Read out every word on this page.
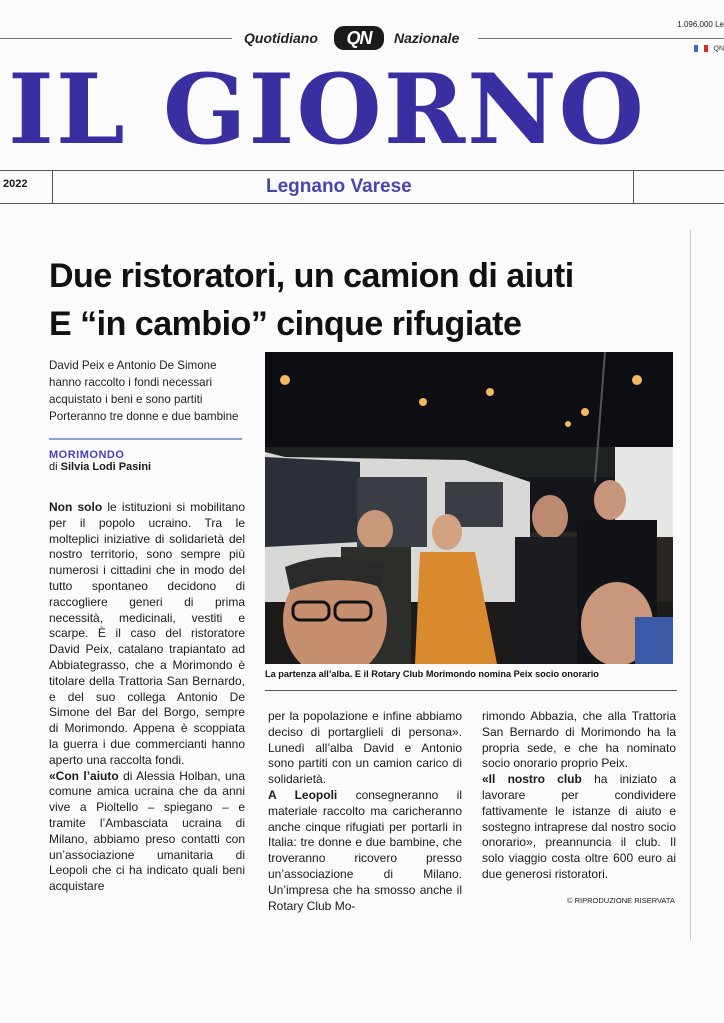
Quotidiano	QN	Nazionale
1.096.000 Le
QN
IL GIORNO
2022	Legnano Varese
Due ristoratori, un camion di aiuti
E “in cambio” cinque rifugiate
David Peix e Antonio De Simone
hanno raccolto i fondi necessari
acquistato i beni e sono partiti
Porteranno tre donne e due bambine
MORIMONDO
di Silvia Lodi Pasini
La partenza all’alba. E il Rotary Club Morimondo nomina Peix socio onorario

Non solo le istituzioni si mobilitano per il popolo ucraino. Tra le molteplici iniziative di solidarietà del nostro territorio, sono sempre più numerosi i cittadini che in modo del tutto spontaneo decidono di raccogliere generi di prima necessità, medicinali, vestiti e scarpe. È il caso del ristoratore David Peix, catalano trapiantato ad Abbiategrasso, che a Morimondo è titolare della Trattoria San Bernardo, e del suo collega Antonio De Simone del Bar del Borgo, sempre di Morimondo. Appena è scoppiata la guerra i due commercianti hanno aperto una raccolta fondi.

«Con l’aiuto di Alessia Holban, una comune amica ucraina che da anni vive a Pioltello – spiegano – e tramite l’Ambasciata ucraina di Milano, abbiamo preso contatti con un’associazione umanitaria di Leopoli che ci ha indicato quali beni acquistare

per la popolazione e infine abbiamo deciso di portarglieli di persona». Lunedì all’alba David e Antonio sono partiti con un camion carico di solidarietà.

A Leopoli consegneranno il materiale raccolto ma caricheranno anche cinque rifugiati per portarli in Italia: tre donne e due bambine, che troveranno ricovero presso un’associazione di Milano. Un’impresa che ha smosso anche il Rotary Club Mo-

rimondo Abbazia, che alla Trattoria San Bernardo di Morimondo ha la propria sede, e che ha nominato socio onorario proprio Peix.

«Il nostro club ha iniziato a lavorare per condividere fattivamente le istanze di aiuto e sostegno intraprese dal nostro socio onorario», preannuncia il club. Il solo viaggio costa oltre 600 euro ai due generosi ristoratori.

© RIPRODUZIONE RISERVATA
